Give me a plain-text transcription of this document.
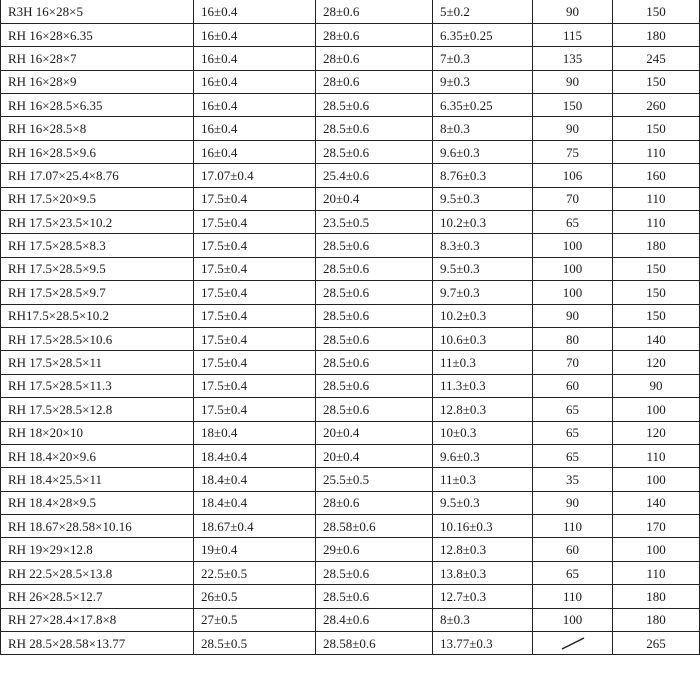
R3H 16×28×5	16±0.4	28±0.6	5±0.2	90	150
RH 16×28×6.35	16±0.4	28±0.6	6.35±0.25	115	180
RH 16×28×7	16±0.4	28±0.6	7±0.3	135	245
RH 16×28×9	16±0.4	28±0.6	9±0.3	90	150
RH 16×28.5×6.35	16±0.4	28.5±0.6	6.35±0.25	150	260
RH 16×28.5×8	16±0.4	28.5±0.6	8±0.3	90	150
RH 16×28.5×9.6	16±0.4	28.5±0.6	9.6±0.3	75	110
RH 17.07×25.4×8.76	17.07±0.4	25.4±0.6	8.76±0.3	106	160
RH 17.5×20×9.5	17.5±0.4	20±0.4	9.5±0.3	70	110
RH 17.5×23.5×10.2	17.5±0.4	23.5±0.5	10.2±0.3	65	110
RH 17.5×28.5×8.3	17.5±0.4	28.5±0.6	8.3±0.3	100	180
RH 17.5×28.5×9.5	17.5±0.4	28.5±0.6	9.5±0.3	100	150
RH 17.5×28.5×9.7	17.5±0.4	28.5±0.6	9.7±0.3	100	150
RH17.5×28.5×10.2	17.5±0.4	28.5±0.6	10.2±0.3	90	150
RH 17.5×28.5×10.6	17.5±0.4	28.5±0.6	10.6±0.3	80	140
RH 17.5×28.5×11	17.5±0.4	28.5±0.6	11±0.3	70	120
RH 17.5×28.5×11.3	17.5±0.4	28.5±0.6	11.3±0.3	60	90
RH 17.5×28.5×12.8	17.5±0.4	28.5±0.6	12.8±0.3	65	100
RH 18×20×10	18±0.4	20±0.4	10±0.3	65	120
RH 18.4×20×9.6	18.4±0.4	20±0.4	9.6±0.3	65	110
RH 18.4×25.5×11	18.4±0.4	25.5±0.5	11±0.3	35	100
RH 18.4×28×9.5	18.4±0.4	28±0.6	9.5±0.3	90	140
RH 18.67×28.58×10.16	18.67±0.4	28.58±0.6	10.16±0.3	110	170
RH 19×29×12.8	19±0.4	29±0.6	12.8±0.3	60	100
RH 22.5×28.5×13.8	22.5±0.5	28.5±0.6	13.8±0.3	65	110
RH 26×28.5×12.7	26±0.5	28.5±0.6	12.7±0.3	110	180
RH 27×28.4×17.8×8	27±0.5	28.4±0.6	8±0.3	100	180
RH 28.5×28.58×13.77	28.5±0.5	28.58±0.6	13.77±0.3		265
